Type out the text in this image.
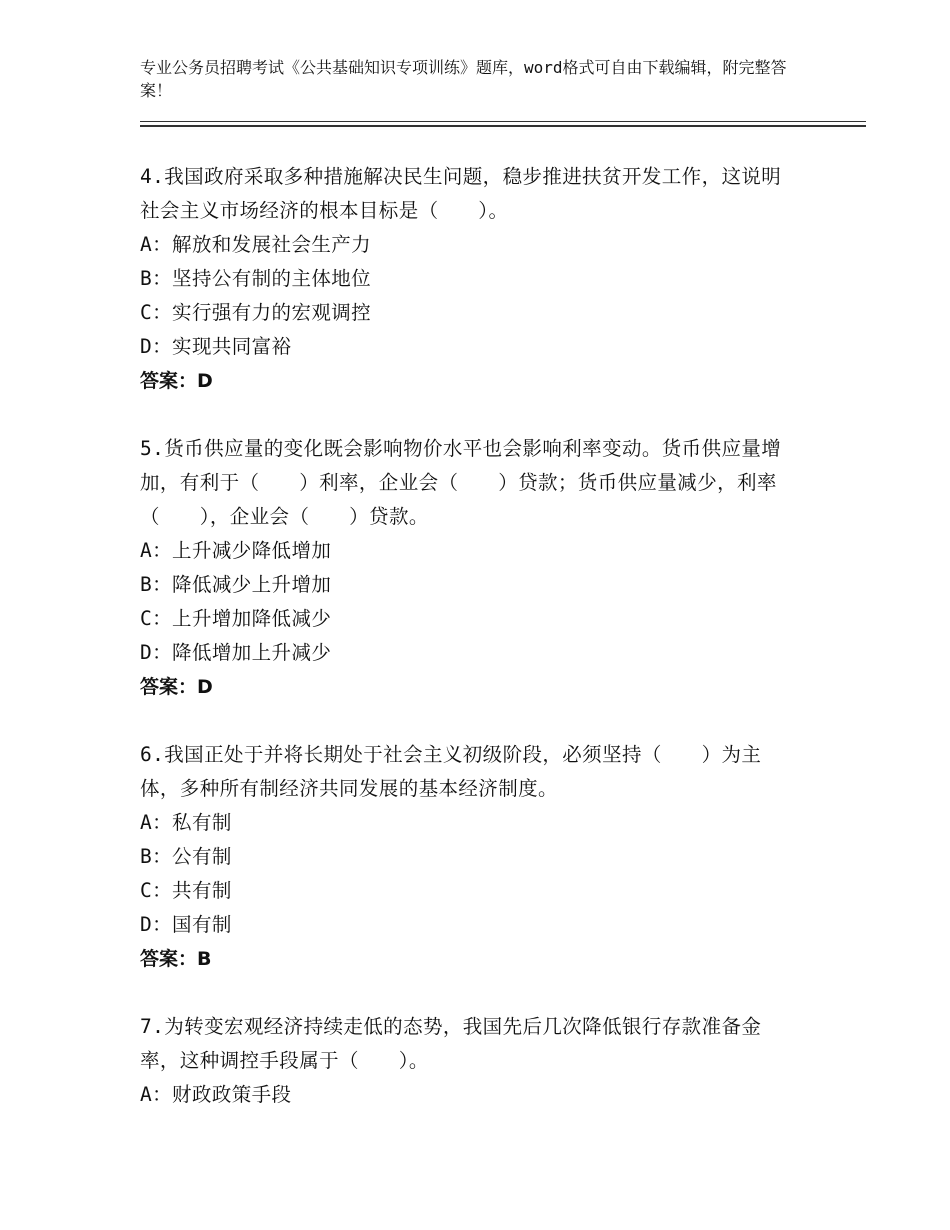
专业公务员招聘考试《公共基础知识专项训练》题库，word格式可自由下载编辑，附完整答案！
4.我国政府采取多种措施解决民生问题，稳步推进扶贫开发工作，这说明社会主义市场经济的根本目标是（　　）。
A：解放和发展社会生产力
B：坚持公有制的主体地位
C：实行强有力的宏观调控
D：实现共同富裕
答案：D
5.货币供应量的变化既会影响物价水平也会影响利率变动。货币供应量增加，有利于（　　）利率，企业会（　　）贷款；货币供应量减少，利率（　　），企业会（　　）贷款。
A：上升减少降低增加
B：降低减少上升增加
C：上升增加降低减少
D：降低增加上升减少
答案：D
6.我国正处于并将长期处于社会主义初级阶段，必须坚持（　　）为主体，多种所有制经济共同发展的基本经济制度。
A：私有制
B：公有制
C：共有制
D：国有制
答案：B
7.为转变宏观经济持续走低的态势，我国先后几次降低银行存款准备金率，这种调控手段属于（　　）。
A：财政政策手段
